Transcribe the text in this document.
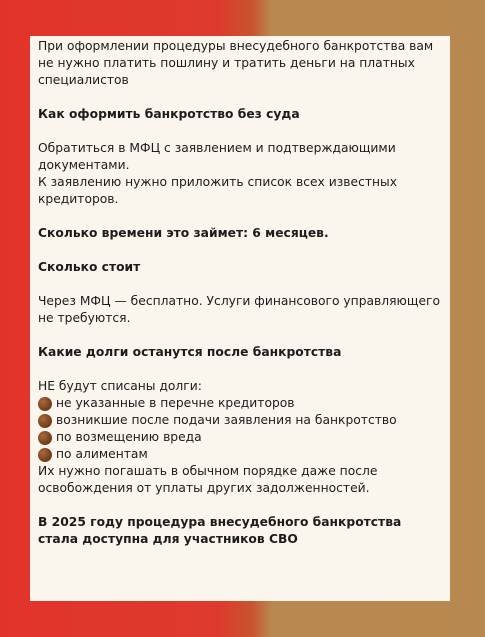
При оформлении процедуры внесудебного банкротства вам не нужно платить пошлину и тратить деньги на платных специалистов

Как оформить банкротство без суда

Обратиться в МФЦ с заявлением и подтверждающими документами.

К заявлению нужно приложить список всех известных кредиторов.

Сколько времени это займет: 6 месяцев.

Сколько стоит

Через МФЦ — бесплатно. Услуги финансового управляющего не требуются.

Какие долги останутся после банкротства

НЕ будут списаны долги:

не указанные в перечне кредиторов
возникшие после подачи заявления на банкротство
по возмещению вреда
по алиментам

Их нужно погашать в обычном порядке даже после освобождения от уплаты других задолженностей.

В 2025 году процедура внесудебного банкротства стала доступна для участников СВО
